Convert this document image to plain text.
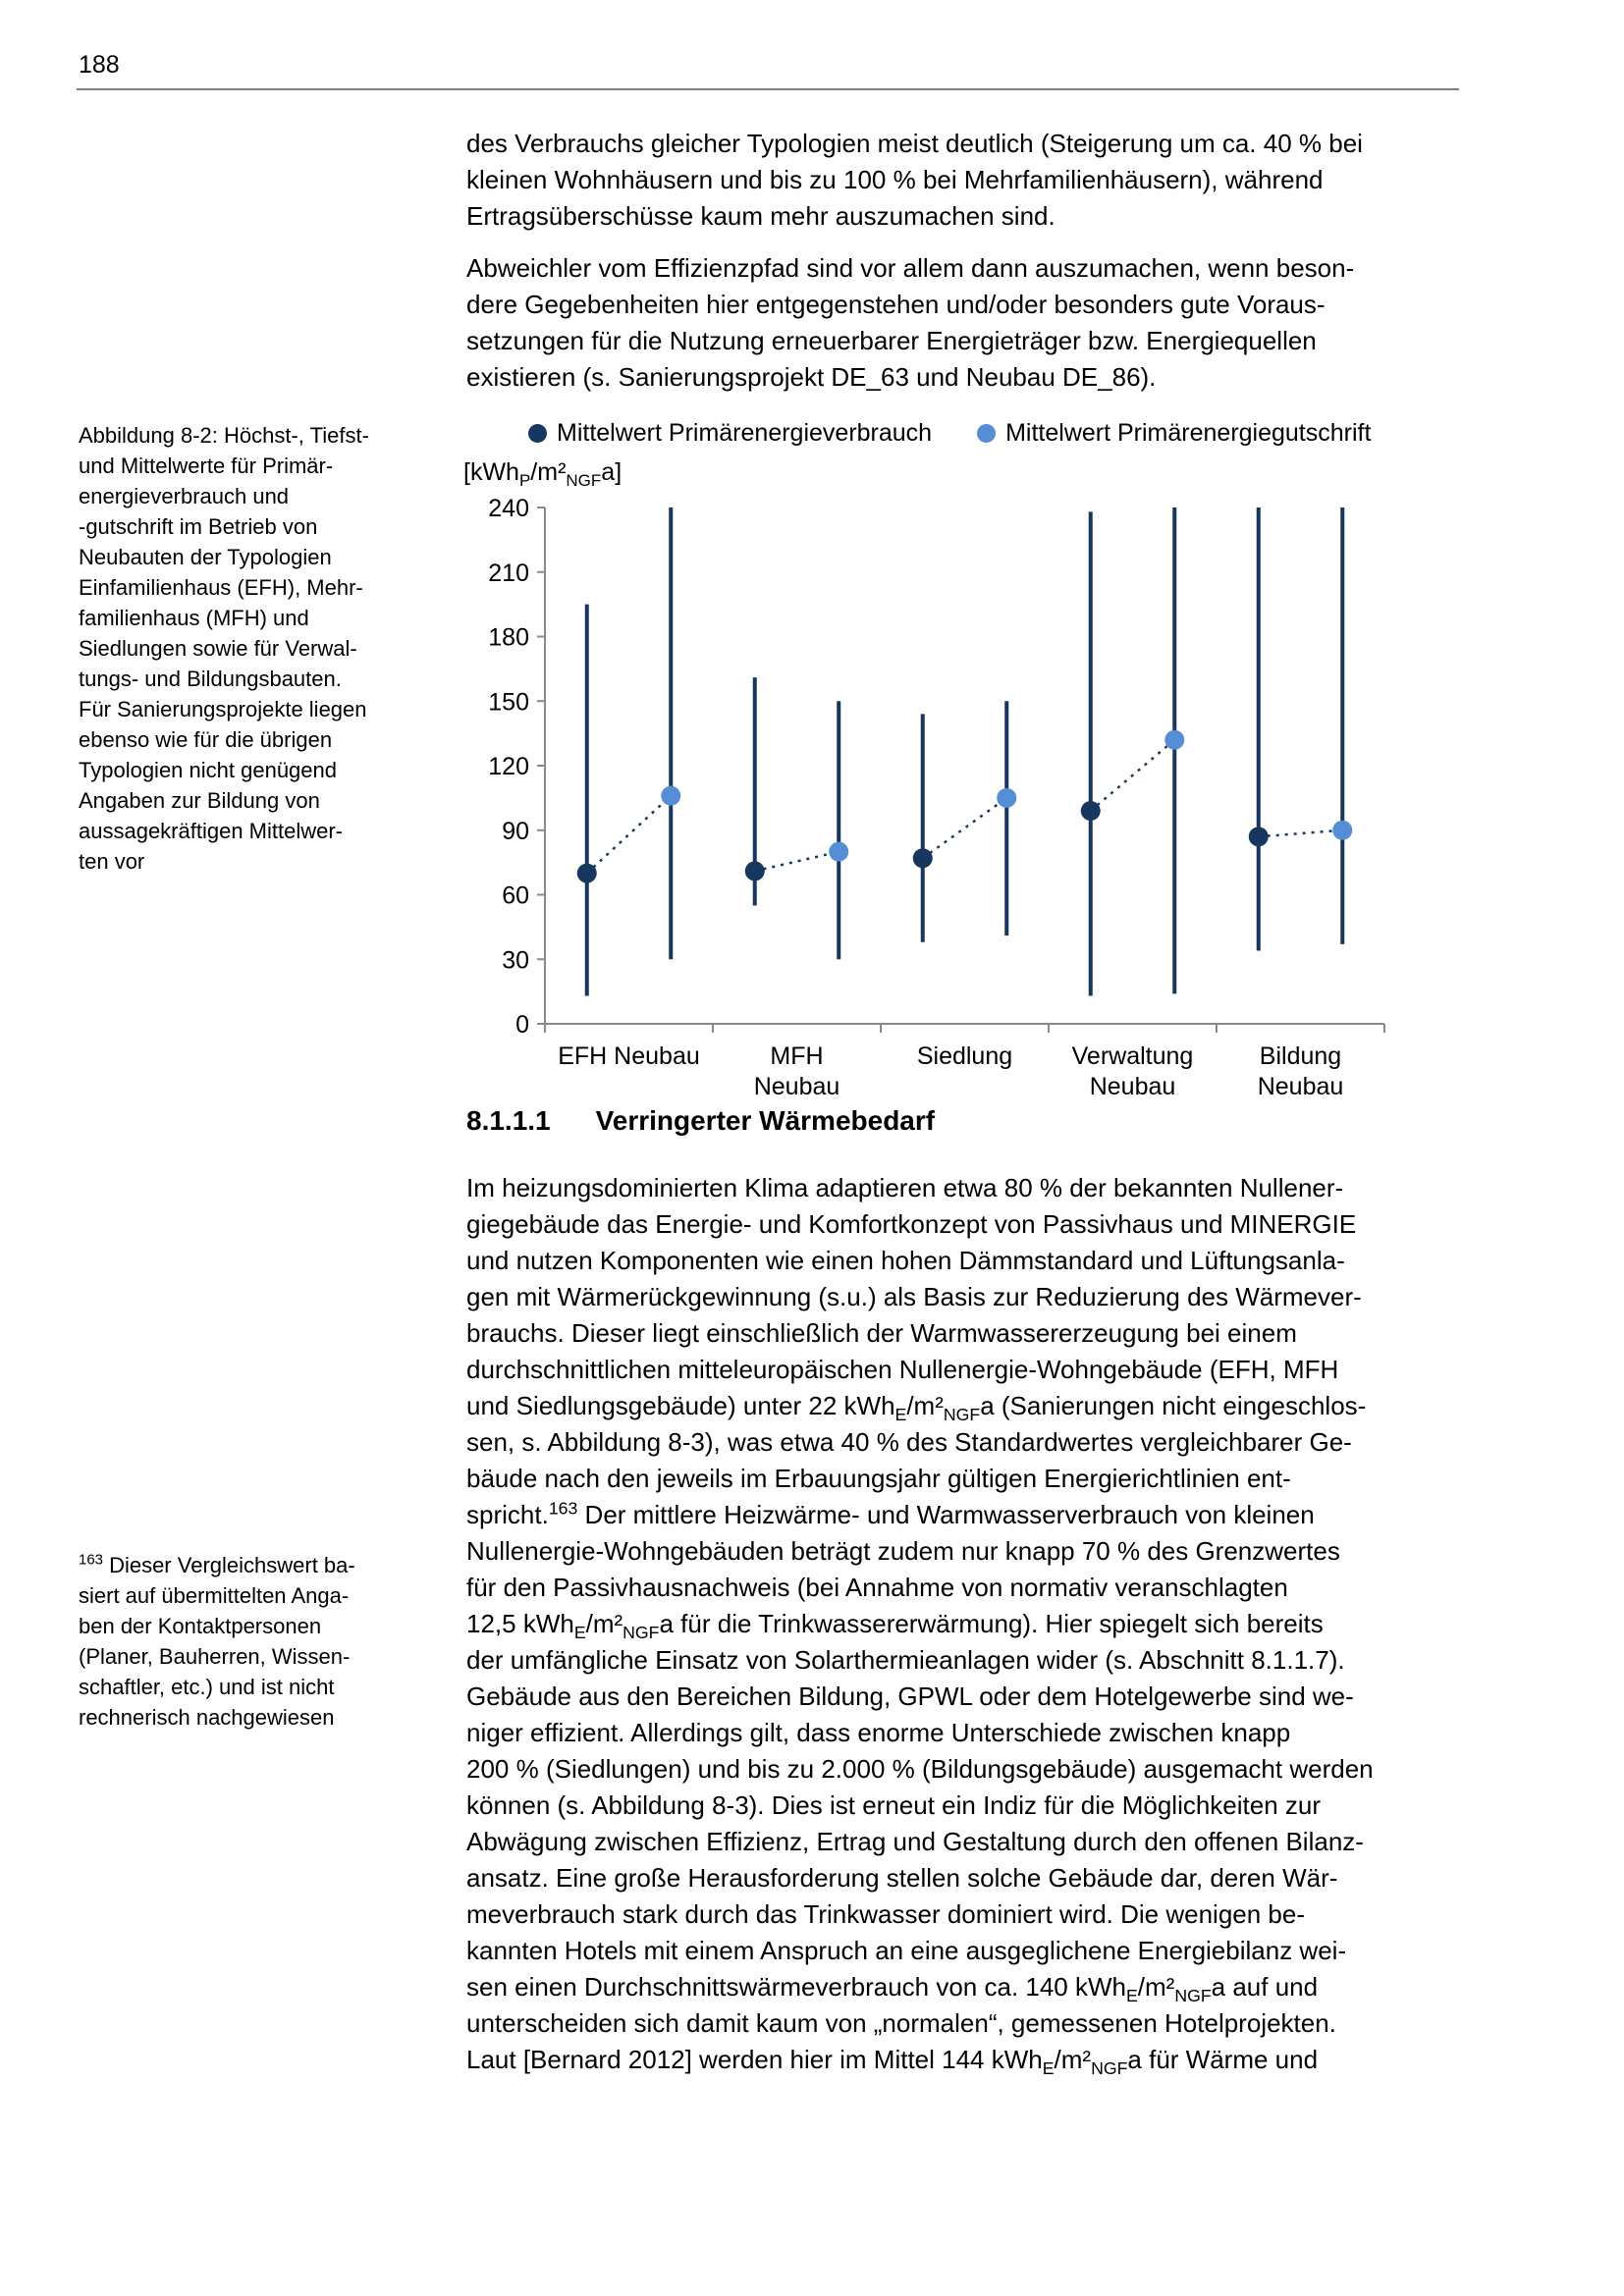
188
des Verbrauchs gleicher Typologien meist deutlich (Steigerung um ca. 40 % bei
kleinen Wohnhäusern und bis zu 100 % bei Mehrfamilienhäusern), während
Ertragsüberschüsse kaum mehr auszumachen sind.
Abweichler vom Effizienzpfad sind vor allem dann auszumachen, wenn beson-
dere Gegebenheiten hier entgegenstehen und/oder besonders gute Voraus-
setzungen für die Nutzung erneuerbarer Energieträger bzw. Energiequellen
existieren (s. Sanierungsprojekt DE_63 und Neubau DE_86).
Abbildung 8-2: Höchst-, Tiefst-
und Mittelwerte für Primär-
energieverbrauch und
-gutschrift im Betrieb von
Neubauten der Typologien
Einfamilienhaus (EFH), Mehr-
familienhaus (MFH) und
Siedlungen sowie für Verwal-
tungs- und Bildungsbauten.
Für Sanierungsprojekte liegen
ebenso wie für die übrigen
Typologien nicht genügend
Angaben zur Bildung von
aussagekräftigen Mittelwer-
ten vor
Mittelwert Primärenergieverbrauch	Mittelwert Primärenergiegutschrift
$[kWh_P/m^2_{NGF}a]$
0
30
60
90
120
150
180
210
240
EFH Neubau	MFH Neubau
Siedlung Verwaltung Neubau
Bildung Neubau
8.1.1.1 Verringerter Wärmebedarf
Im heizungsdominierten Klima adaptieren etwa 80 % der bekannten Nullener-
giegebäude das Energie- und Komfortkonzept von Passivhaus und MINERGIE
und nutzen Komponenten wie einen hohen Dämmstandard und Lüftungsanla-
gen mit Wärmerückgewinnung (s.u.) als Basis zur Reduzierung des Wärmever-
brauchs. Dieser liegt einschließlich der Warmwassererzeugung bei einem
durchschnittlichen mitteleuropäischen Nullenergie-Wohngebäude (EFH, MFH
und Siedlungsgebäude) unter 22 $kWh_E/m^2_{NGF}a$ (Sanierungen nicht eingeschlos-
sen, s. Abbildung 8-3), was etwa 40 % des Standardwertes vergleichbarer Ge-
bäude nach den jeweils im Erbauungsjahr gültigen Energierichtlinien ent-
spricht.$^{163}$ Der mittlere Heizwärme- und Warmwasserverbrauch von kleinen
Nullenergie-Wohngebäuden beträgt zudem nur knapp 70 % des Grenzwertes
für den Passivhausnachweis (bei Annahme von normativ veranschlagten
12,5 $kWh_E/m^2_{NGF}a$ für die Trinkwassererwärmung). Hier spiegelt sich bereits
der umfängliche Einsatz von Solarthermieanlagen wider (s. Abschnitt 8.1.1.7).
Gebäude aus den Bereichen Bildung, GPWL oder dem Hotelgewerbe sind we-
niger effizient. Allerdings gilt, dass enorme Unterschiede zwischen knapp
200 % (Siedlungen) und bis zu 2.000 % (Bildungsgebäude) ausgemacht werden
können (s. Abbildung 8-3). Dies ist erneut ein Indiz für die Möglichkeiten zur
Abwägung zwischen Effizienz, Ertrag und Gestaltung durch den offenen Bilanz-
ansatz. Eine große Herausforderung stellen solche Gebäude dar, deren Wär-
meverbrauch stark durch das Trinkwasser dominiert wird. Die wenigen be-
kannten Hotels mit einem Anspruch an eine ausgeglichene Energiebilanz wei-
sen einen Durchschnittswärmeverbrauch von ca. 140 $kWh_E/m^2_{NGF}a$ auf und
unterscheiden sich damit kaum von „normalen“, gemessenen Hotelprojekten.
Laut [Bernard 2012] werden hier im Mittel 144 $kWh_E/m^2_{NGF}a$ für Wärme und
$^{163}$ Dieser Vergleichswert ba-
siert auf übermittelten Anga-
ben der Kontaktpersonen
(Planer, Bauherren, Wissen-
schaftler, etc.) und ist nicht
rechnerisch nachgewiesen
